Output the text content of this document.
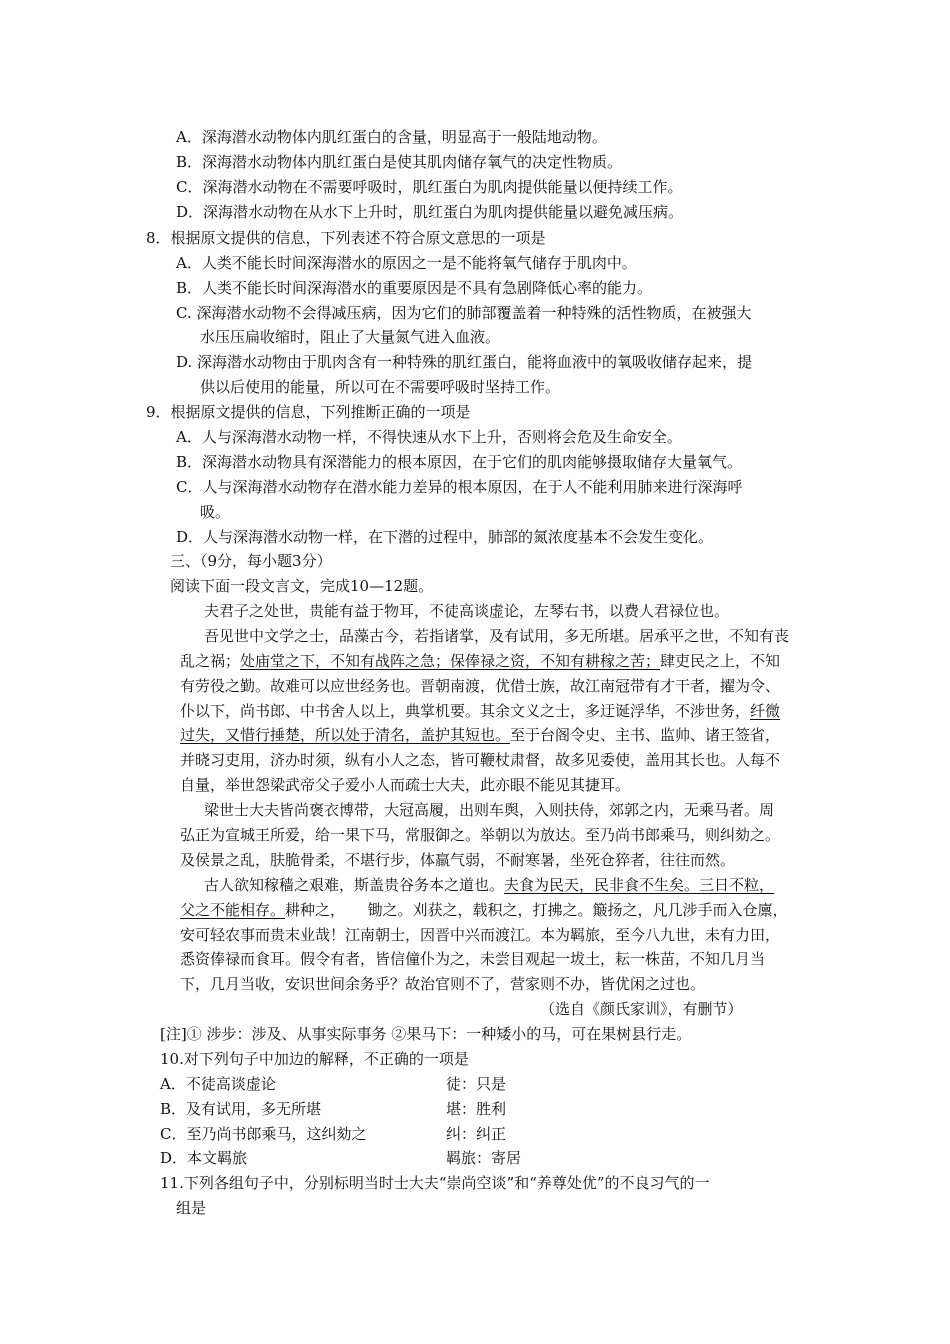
A．深海潜水动物体内肌红蛋白的含量，明显高于一般陆地动物。
B．深海潜水动物体内肌红蛋白是使其肌肉储存氧气的决定性物质。
C．深海潜水动物在不需要呼吸时，肌红蛋白为肌肉提供能量以便持续工作。
D．深海潜水动物在从水下上升时，肌红蛋白为肌肉提供能量以避免减压病。
8．根据原文提供的信息，下列表述不符合原文意思的一项是
A．人类不能长时间深海潜水的原因之一是不能将氧气储存于肌肉中。
B．人类不能长时间深海潜水的重要原因是不具有急剧降低心率的能力。
C. 深海潜水动物不会得减压病，因为它们的肺部覆盖着一种特殊的活性物质，在被强大
水压压扁收缩时，阻止了大量氮气进入血液。
D. 深海潜水动物由于肌肉含有一种特殊的肌红蛋白，能将血液中的氧吸收储存起来，提
供以后使用的能量，所以可在不需要呼吸时坚持工作。
9．根据原文提供的信息，下列推断正确的一项是
A．人与深海潜水动物一样，不得快速从水下上升，否则将会危及生命安全。
B．深海潜水动物具有深潜能力的根本原因，在于它们的肌肉能够摄取储存大量氧气。
C．人与深海潜水动物存在潜水能力差异的根本原因，在于人不能利用肺来进行深海呼
吸。
D．人与深海潜水动物一样，在下潜的过程中，肺部的氮浓度基本不会发生变化。
三、（9分，每小题3分）
阅读下面一段文言文，完成10—12题。
夫君子之处世，贵能有益于物耳，不徒高谈虚论，左琴右书，以费人君禄位也。
吾见世中文学之士，品藻古今，若指诸掌，及有试用，多无所堪。居承平之世，不知有丧
乱之祸；处庙堂之下，不知有战阵之急；保俸禄之资，不知有耕稼之苦；肆吏民之上，不知
有劳役之勤。故难可以应世经务也。晋朝南渡，优借士族，故江南冠带有才干者，擢为令、
仆以下，尚书郎、中书舍人以上，典掌机要。其余文义之士，多迂诞浮华，不涉世务，纤微
过失，又惜行捶楚，所以处于清名，盖护其短也。至于台阁令史、主书、监帅、诸王签省，
并晓习吏用，济办时须，纵有小人之态，皆可鞭杖肃督，故多见委使，盖用其长也。人每不
自量，举世怨梁武帝父子爱小人而疏士大夫，此亦眼不能见其捷耳。
梁世士大夫皆尚褒衣博带，大冠高履，出则车舆，入则扶侍，郊郭之内，无乘马者。周
弘正为宣城王所爱，给一果下马，常服御之。举朝以为放达。至乃尚书郎乘马，则纠劾之。
及侯景之乱，肤脆骨柔，不堪行步，体羸气弱，不耐寒暑，坐死仓猝者，往往而然。
古人欲知稼穑之艰难，斯盖贵谷务本之道也。夫食为民天，民非食不生矣。三日不粒，
父之不能相存。耕种之，　　锄之。刈获之，载积之，打拂之。簸扬之，凡几涉手而入仓廪，
安可轻农事而贵末业哉！江南朝士，因晋中兴而渡江。本为羁旅，至今八九世，未有力田，
悉资俸禄而食耳。假令有者，皆信僮仆为之，未尝目观起一坺土，耘一株苗，不知几月当
下，几月当收，安识世间余务乎？故治官则不了，营家则不办，皆优闲之过也。
（选自《颜氏家训》，有删节）
[注]① 涉步：涉及、从事实际事务 ②果马下：一种矮小的马，可在果树县行走。
10.对下列句子中加边的解释，不正确的一项是
A．不徒高谈虚论	徒：只是
B．及有试用，多无所堪	堪：胜利
C．至乃尚书郎乘马，这纠劾之	纠：纠正
D．本文羁旅	羁旅：寄居
11.下列各组句子中，分别标明当时士大夫“崇尚空谈”和“养尊处优”的不良习气的一
组是
